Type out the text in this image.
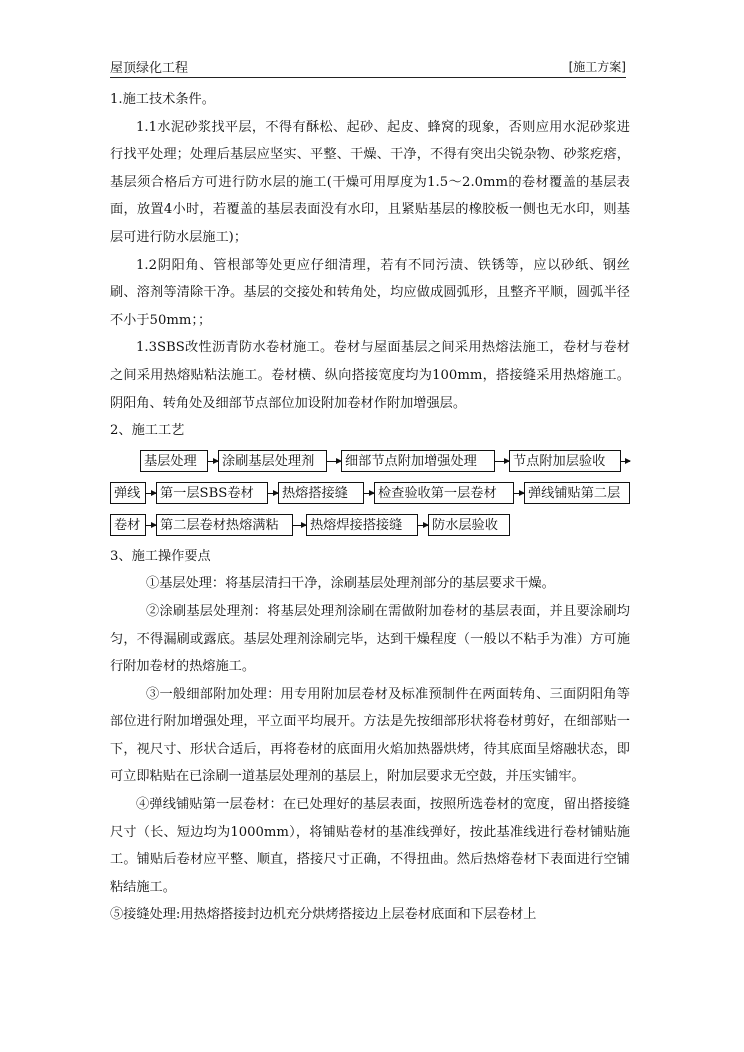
屋顶绿化工程	[施工方案]

1.施工技术条件。

1.1水泥砂浆找平层，不得有酥松、起砂、起皮、蜂窝的现象，否则应用水泥砂浆进行找平处理；处理后基层应坚实、平整、干燥、干净，不得有突出尖锐杂物、砂浆疙瘩，基层须合格后方可进行防水层的施工(干燥可用厚度为1.5～2.0mm的卷材覆盖的基层表面，放置4小时，若覆盖的基层表面没有水印，且紧贴基层的橡胶板一侧也无水印，则基层可进行防水层施工)；

1.2阴阳角、管根部等处更应仔细清理，若有不同污渍、铁锈等，应以砂纸、钢丝刷、溶剂等清除干净。基层的交接处和转角处，均应做成圆弧形，且整齐平顺，圆弧半径不小于50mm；；

1.3SBS改性沥青防水卷材施工。卷材与屋面基层之间采用热熔法施工，卷材与卷材之间采用热熔贴粘法施工。卷材横、纵向搭接宽度均为100mm，搭接缝采用热熔施工。阴阳角、转角处及细部节点部位加设附加卷材作附加增强层。

2、施工工艺

基层处理	涂刷基层处理剂	细部节点附加增强处理	节点附加层验收
弹线	第一层SBS卷材	热熔搭接缝	检查验收第一层卷材	弹线铺贴第二层
卷材	第二层卷材热熔满粘	热熔焊接搭接缝	防水层验收

3、施工操作要点

①基层处理：将基层清扫干净，涂刷基层处理剂部分的基层要求干燥。

②涂刷基层处理剂：将基层处理剂涂刷在需做附加卷材的基层表面，并且要涂刷均匀，不得漏刷或露底。基层处理剂涂刷完毕，达到干燥程度（一般以不粘手为准）方可施行附加卷材的热熔施工。

③一般细部附加处理：用专用附加层卷材及标准预制件在两面转角、三面阴阳角等部位进行附加增强处理，平立面平均展开。方法是先按细部形状将卷材剪好，在细部贴一下，视尺寸、形状合适后，再将卷材的底面用火焰加热器烘烤，待其底面呈熔融状态，即可立即粘贴在已涂刷一道基层处理剂的基层上，附加层要求无空鼓，并压实铺牢。

④弹线铺贴第一层卷材：在已处理好的基层表面，按照所选卷材的宽度，留出搭接缝尺寸（长、短边均为1000mm），将铺贴卷材的基准线弹好，按此基准线进行卷材铺贴施工。铺贴后卷材应平整、顺直，搭接尺寸正确，不得扭曲。然后热熔卷材下表面进行空铺粘结施工。

⑤接缝处理:用热熔搭接封边机充分烘烤搭接边上层卷材底面和下层卷材上
